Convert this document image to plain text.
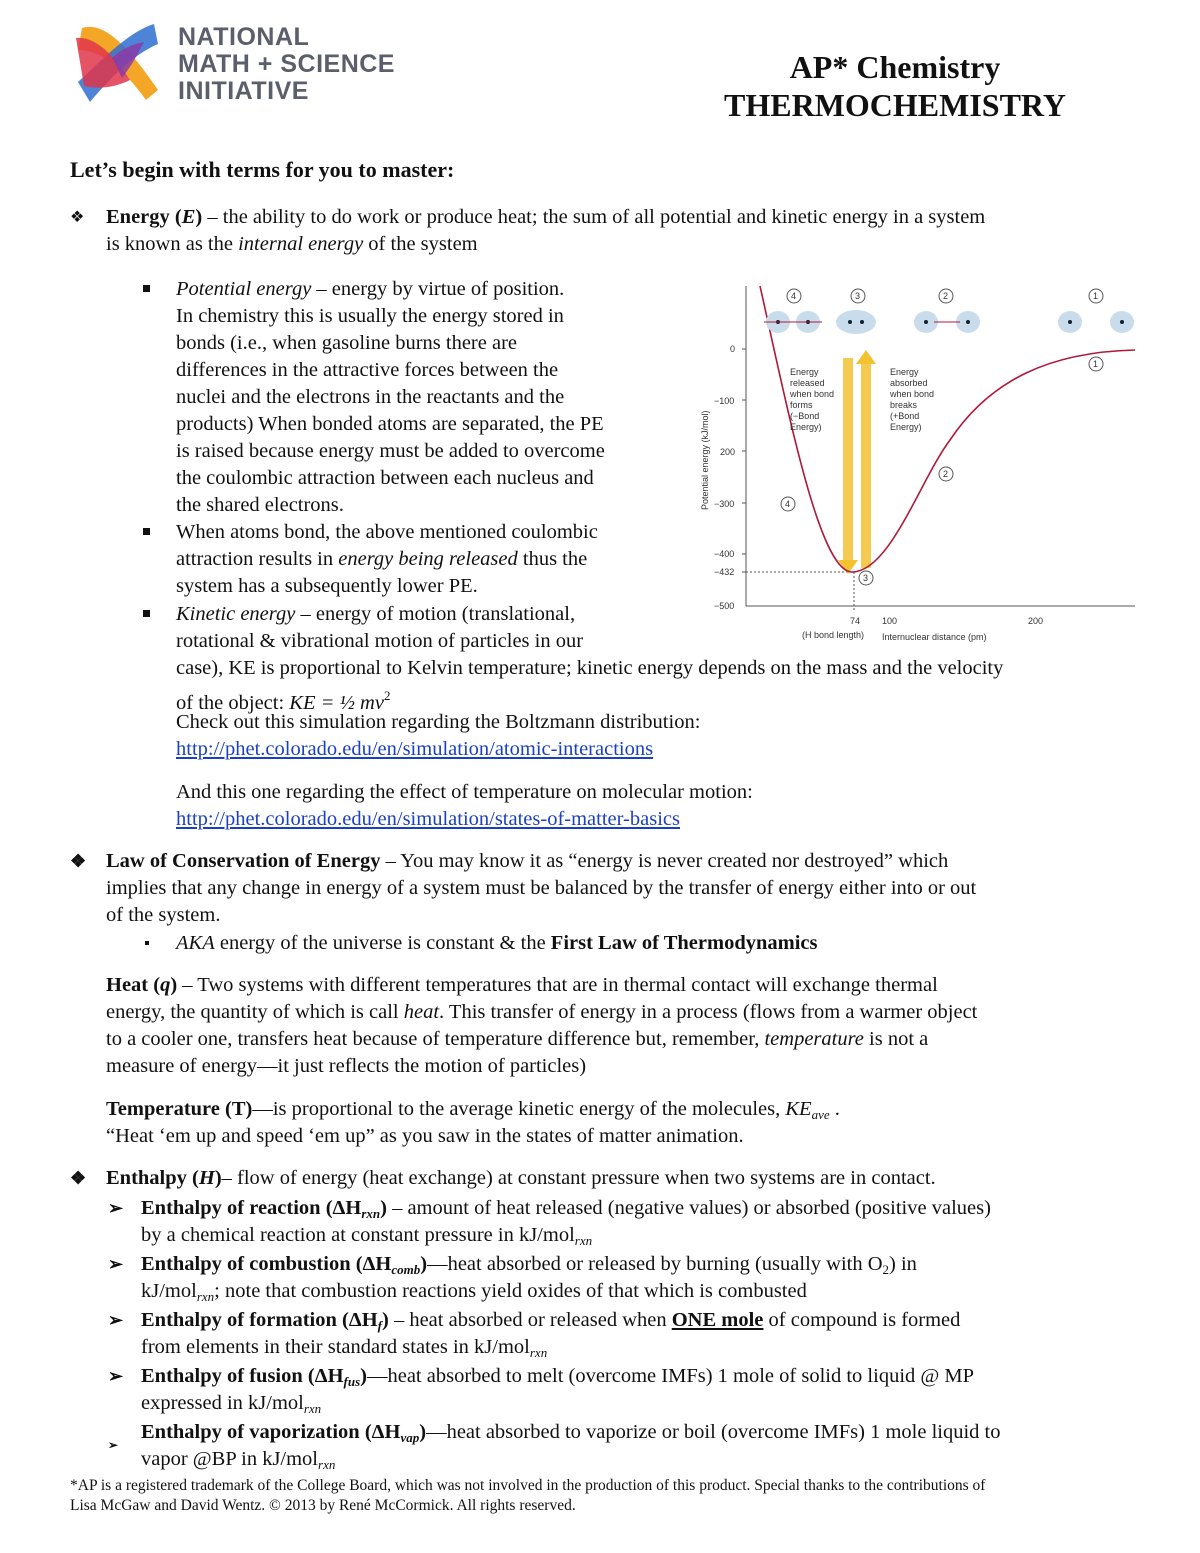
NATIONAL
MATH + SCIENCE
INITIATIVE
AP* Chemistry
THERMOCHEMISTRY
Let’s begin with terms for you to master:
❖ Energy (E) – the ability to do work or produce heat; the sum of all potential and kinetic energy in a system
is known as the internal energy of the system
Potential energy – energy by virtue of position.
In chemistry this is usually the energy stored in
bonds (i.e., when gasoline burns there are
differences in the attractive forces between the
nuclei and the electrons in the reactants and the
products) When bonded atoms are separated, the PE
is raised because energy must be added to overcome
the coulombic attraction between each nucleus and
the shared electrons.
When atoms bond, the above mentioned coulombic
attraction results in energy being released thus the
system has a subsequently lower PE.
Kinetic energy – energy of motion (translational,
rotational & vibrational motion of particles in our
case), KE is proportional to Kelvin temperature; kinetic energy depends on the mass and the velocity
of the object: KE = ½ $mv^2$
Check out this simulation regarding the Boltzmann distribution:
http://phet.colorado.edu/en/simulation/atomic-interactions
And this one regarding the effect of temperature on molecular motion:
http://phet.colorado.edu/en/simulation/states-of-matter-basics
0
−100
200
−300
−400
−432
−500
Potential energy (kJ/mol)
74 100	200
(H bond length) Internuclear distance (pm)
Energy
released
when bond
forms
(−Bond
Energy)
Energy
absorbed
when bond
breaks
(+Bond
Energy)
4	3	2	1
4
3
2
1
❖ Law of Conservation of Energy – You may know it as “energy is never created nor destroyed” which
implies that any change in energy of a system must be balanced by the transfer of energy either into or out
of the system.
AKA energy of the universe is constant & the First Law of Thermodynamics
Heat (q) – Two systems with different temperatures that are in thermal contact will exchange thermal
energy, the quantity of which is call heat. This transfer of energy in a process (flows from a warmer object
to a cooler one, transfers heat because of temperature difference but, remember, temperature is not a
measure of energy—it just reflects the motion of particles)
Temperature (T)—is proportional to the average kinetic energy of the molecules, $KE_{ave}$ .
“Heat ‘em up and speed ‘em up” as you saw in the states of matter animation.
❖ Enthalpy (H)– flow of energy (heat exchange) at constant pressure when two systems are in contact.
➢ Enthalpy of reaction $(\Delta H_{rxn})$ – amount of heat released (negative values) or absorbed (positive values)
by a chemical reaction at constant pressure in kJ/mol$_{rxn}$
➢ Enthalpy of combustion $(\Delta H_{comb})—heat$ absorbed or released by burning (usually with O2) in
kJ/mol$_{rxn}$; note that combustion reactions yield oxides of that which is combusted
➢ Enthalpy of formation $(\Delta H_f)$ – heat absorbed or released when ONE mole of compound is formed
from elements in their standard states in kJ/mol$_{rxn}$
➢ Enthalpy of fusion $(\Delta H_{fus})—heat$ absorbed to melt (overcome IMFs) 1 mole of solid to liquid @ MP
expressed in kJ/mol$_{rxn}$
➢
Enthalpy of vaporization $(\Delta H_{vap})—heat$ absorbed to vaporize or boil (overcome IMFs) 1 mole liquid to
vapor @BP in kJ/mol$_{rxn}$
*AP is a registered trademark of the College Board, which was not involved in the production of this product. Special thanks to the contributions of
Lisa McGaw and David Wentz. © 2013 by René McCormick. All rights reserved.
